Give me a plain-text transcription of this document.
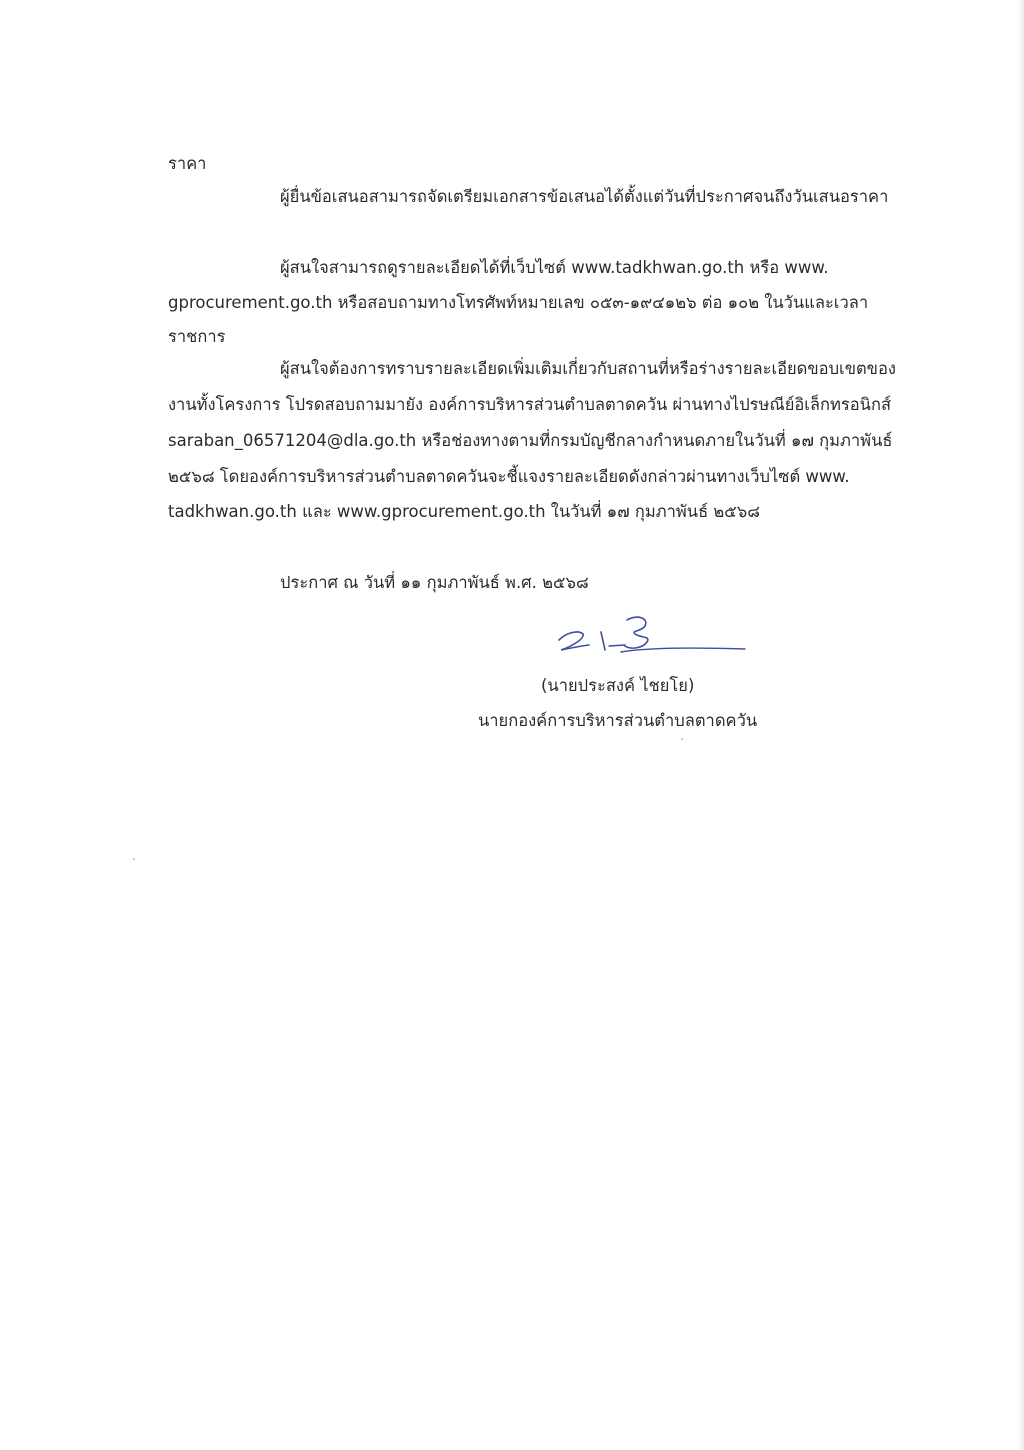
ราคา
ผู้ยื่นข้อเสนอสามารถจัดเตรียมเอกสารข้อเสนอได้ตั้งแต่วันที่ประกาศจนถึงวันเสนอราคา
ผู้สนใจสามารถดูรายละเอียดได้ที่เว็บไซต์ www.tadkhwan.go.th หรือ www.
gprocurement.go.th หรือสอบถามทางโทรศัพท์หมายเลข ๐๕๓-๑๙๔๑๒๖ ต่อ ๑๐๒ ในวันและเวลา
ราชการ
ผู้สนใจต้องการทราบรายละเอียดเพิ่มเติมเกี่ยวกับสถานที่หรือร่างรายละเอียดขอบเขตของ
งานทั้งโครงการ โปรดสอบถามมายัง องค์การบริหารส่วนตำบลตาดควัน ผ่านทางไปรษณีย์อิเล็กทรอนิกส์
saraban_06571204@dla.go.th หรือช่องทางตามที่กรมบัญชีกลางกำหนดภายในวันที่ ๑๗ กุมภาพันธ์
๒๕๖๘ โดยองค์การบริหารส่วนตำบลตาดควันจะชี้แจงรายละเอียดดังกล่าวผ่านทางเว็บไซต์ www.
tadkhwan.go.th และ www.gprocurement.go.th ในวันที่ ๑๗ กุมภาพันธ์ ๒๕๖๘
ประกาศ ณ วันที่ ๑๑ กุมภาพันธ์ พ.ศ. ๒๕๖๘
(นายประสงค์ ไชยโย)
นายกองค์การบริหารส่วนตำบลตาดควัน
